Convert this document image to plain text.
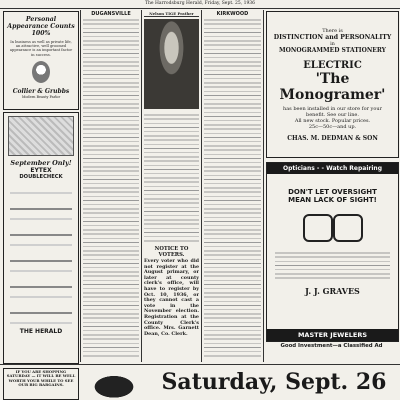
The Harrodsburg Herald, Friday, Sept. 25, 1936
Personal Appearance Counts 100%
In business as well as private life, an attractive, well groomed appearance is an important factor in success.
Collier & Grubbs
Modern Beauty Parlor
September Only!
EYTEX
DOUBLECHECK
THE HERALD
DUGANSVILLE	Nelson TIGE Prather
NOTICE TO VOTERS.
Every voter who did not register at the August primary, or later at county clerk's office, will have to register by Oct. 10, 1936, or they cannot cast a vote in the November election. Registration at the County Clerk's office. Mrs. Garnett Dean, Co. Clerk.
KIRKWOOD
There is
DISTINCTION and PERSONALITY
in
MONOGRAMMED STATIONERY
ELECTRIC
'The Monogramer'
has been installed in our store for your benefit. See our line.
All new stock. Popular prices.
25c—50c—and up.
CHAS. M. DEDMAN & SON
Opticians - - Watch Repairing
DON'T LET OVERSIGHT
MEAN LACK OF SIGHT!
J. J. GRAVES
MASTER JEWELERS
Good Investment—a Classified Ad
IF YOU ARE SHOPPING SATURDAY — IT WILL BE WELL WORTH YOUR WHILE TO SEE OUR BIG BARGAINS.	Saturday, Sept. 26
